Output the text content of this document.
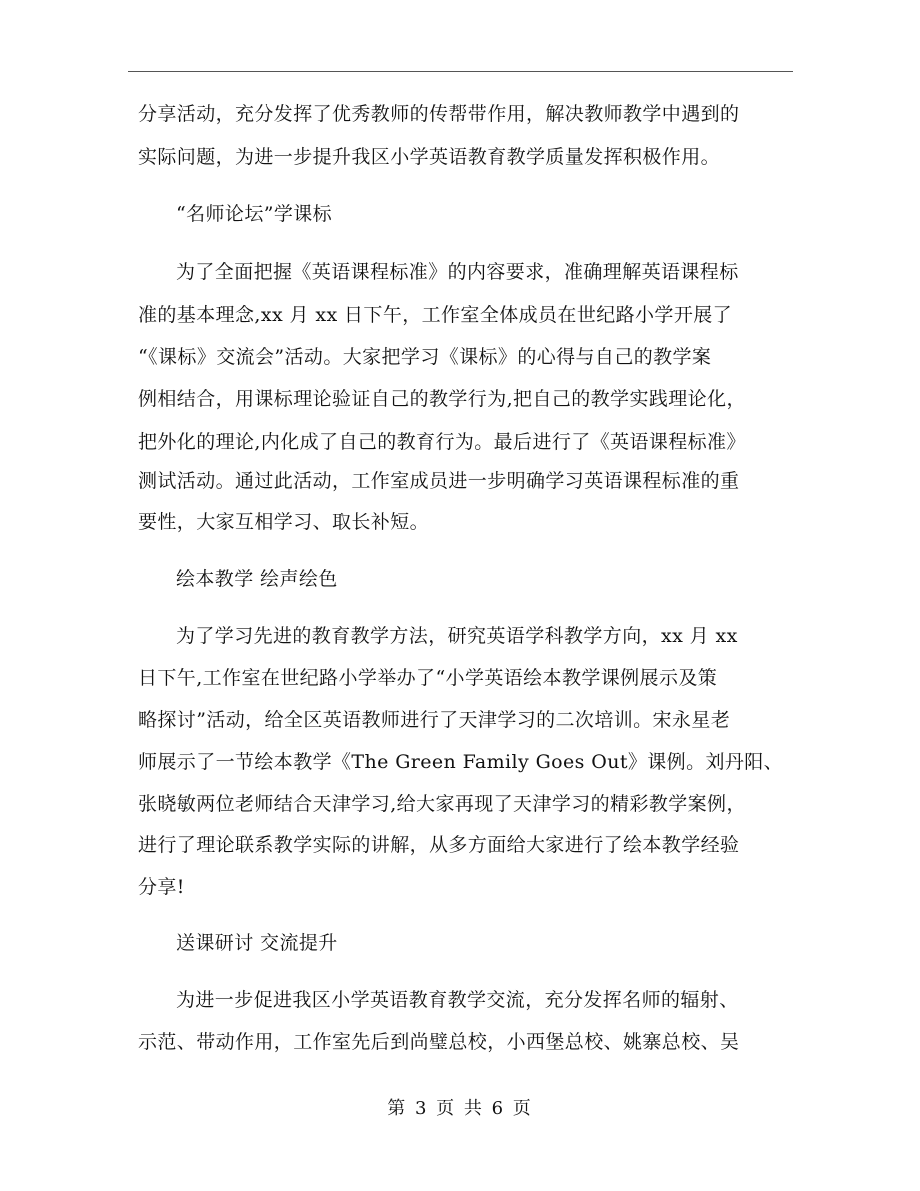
分享活动，充分发挥了优秀教师的传帮带作用，解决教师教学中遇到的
实际问题，为进一步提升我区小学英语教育教学质量发挥积极作用。
“名师论坛”学课标
为了全面把握《英语课程标准》的内容要求，准确理解英语课程标
准的基本理念,xx 月 xx 日下午，工作室全体成员在世纪路小学开展了
“《课标》交流会”活动。大家把学习《课标》的心得与自己的教学案
例相结合，用课标理论验证自己的教学行为,把自己的教学实践理论化，
把外化的理论,内化成了自己的教育行为。最后进行了《英语课程标准》
测试活动。通过此活动，工作室成员进一步明确学习英语课程标准的重
要性，大家互相学习、取长补短。
绘本教学 绘声绘色
为了学习先进的教育教学方法，研究英语学科教学方向，xx 月 xx
日下午,工作室在世纪路小学举办了“小学英语绘本教学课例展示及策
略探讨”活动，给全区英语教师进行了天津学习的二次培训。宋永星老
师展示了一节绘本教学《The Green Family Goes Out》课例。刘丹阳、
张晓敏两位老师结合天津学习,给大家再现了天津学习的精彩教学案例，
进行了理论联系教学实际的讲解，从多方面给大家进行了绘本教学经验
分享!
送课研讨 交流提升
为进一步促进我区小学英语教育教学交流，充分发挥名师的辐射、
示范、带动作用，工作室先后到尚璧总校，小西堡总校、姚寨总校、吴
第 3 页 共 6 页
